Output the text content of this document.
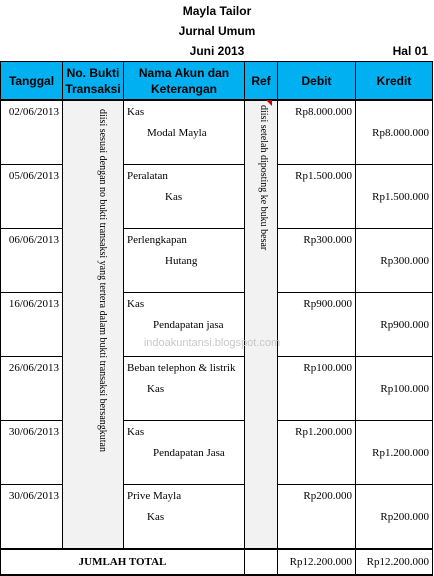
Mayla Tailor
Jurnal Umum
Juni 2013	Hal 01
Tanggal	No. Bukti Transaksi	Nama Akun dan Keterangan	Ref	Debit	Kredit
02/06/2013	diisi sesuai dengan no bukti transaksi yang tertera dalam bukti transaksi bersangkutan	Kas	diisi setelah diposting ke buku besar	Rp8.000.000	
		Modal Mayla			Rp8.000.000

05/06/2013		Peralatan		Rp1.500.000	
		Kas			Rp1.500.000

06/06/2013		Perlengkapan		Rp300.000	
		Hutang			Rp300.000

16/06/2013		Kas		Rp900.000	
		Pendapatan jasa			Rp900.000

26/06/2013		Beban telephon & listrik		Rp100.000	
		Kas			Rp100.000

30/06/2013		Kas		Rp1.200.000	
		Pendapatan Jasa			Rp1.200.000

30/06/2013		Prive Mayla		Rp200.000	
		Kas			Rp200.000

JUMLAH TOTAL				Rp12.200.000	Rp12.200.000
indoakuntansi.blogspot.com
